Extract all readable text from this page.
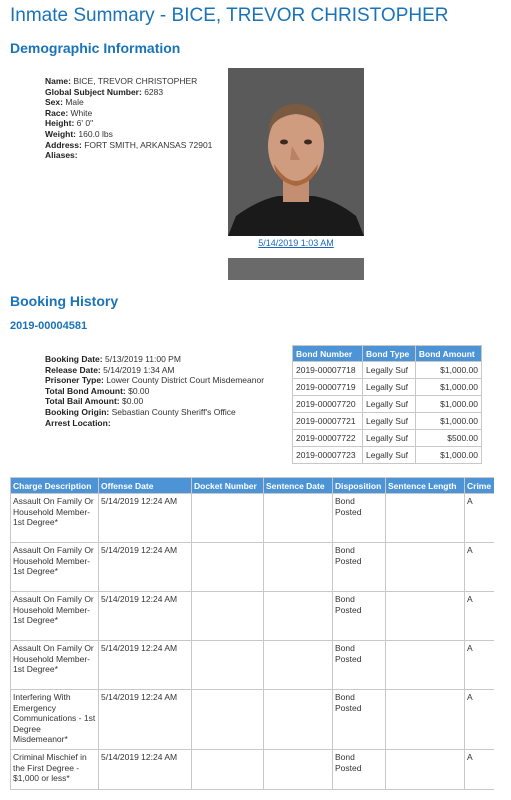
Inmate Summary - BICE, TREVOR CHRISTOPHER
Demographic Information
Name: BICE, TREVOR CHRISTOPHER
Global Subject Number: 6283
Sex: Male
Race: White
Height: 6' 0"
Weight: 160.0 lbs
Address: FORT SMITH, ARKANSAS 72901
Aliases:
5/14/2019 1:03 AM
Booking History
2019-00004581
Booking Date: 5/13/2019 11:00 PM
Release Date: 5/14/2019 1:34 AM
Prisoner Type: Lower County District Court Misdemeanor
Total Bond Amount: $0.00
Total Bail Amount: $0.00
Booking Origin: Sebastian County Sheriff's Office
Arrest Location:
Bond Number	Bond Type	Bond Amount
2019-00007718	Legally Suf	$1,000.00
2019-00007719	Legally Suf	$1,000.00
2019-00007720	Legally Suf	$1,000.00
2019-00007721	Legally Suf	$1,000.00
2019-00007722	Legally Suf	$500.00
2019-00007723	Legally Suf	$1,000.00
Charge Description	Offense Date	Docket Number	Sentence Date	Disposition	Sentence Length	Crime
Assault On Family Or Household Member-1st Degree*	5/14/2019 12:24 AM			Bond Posted		A
Assault On Family Or Household Member-1st Degree*	5/14/2019 12:24 AM			Bond Posted		A
Assault On Family Or Household Member-1st Degree*	5/14/2019 12:24 AM			Bond Posted		A
Assault On Family Or Household Member-1st Degree*	5/14/2019 12:24 AM			Bond Posted		A
Interfering With Emergency Communications - 1st Degree Misdemeanor*	5/14/2019 12:24 AM			Bond Posted		A
Criminal Mischief in the First Degree - $1,000 or less*	5/14/2019 12:24 AM			Bond Posted		A
